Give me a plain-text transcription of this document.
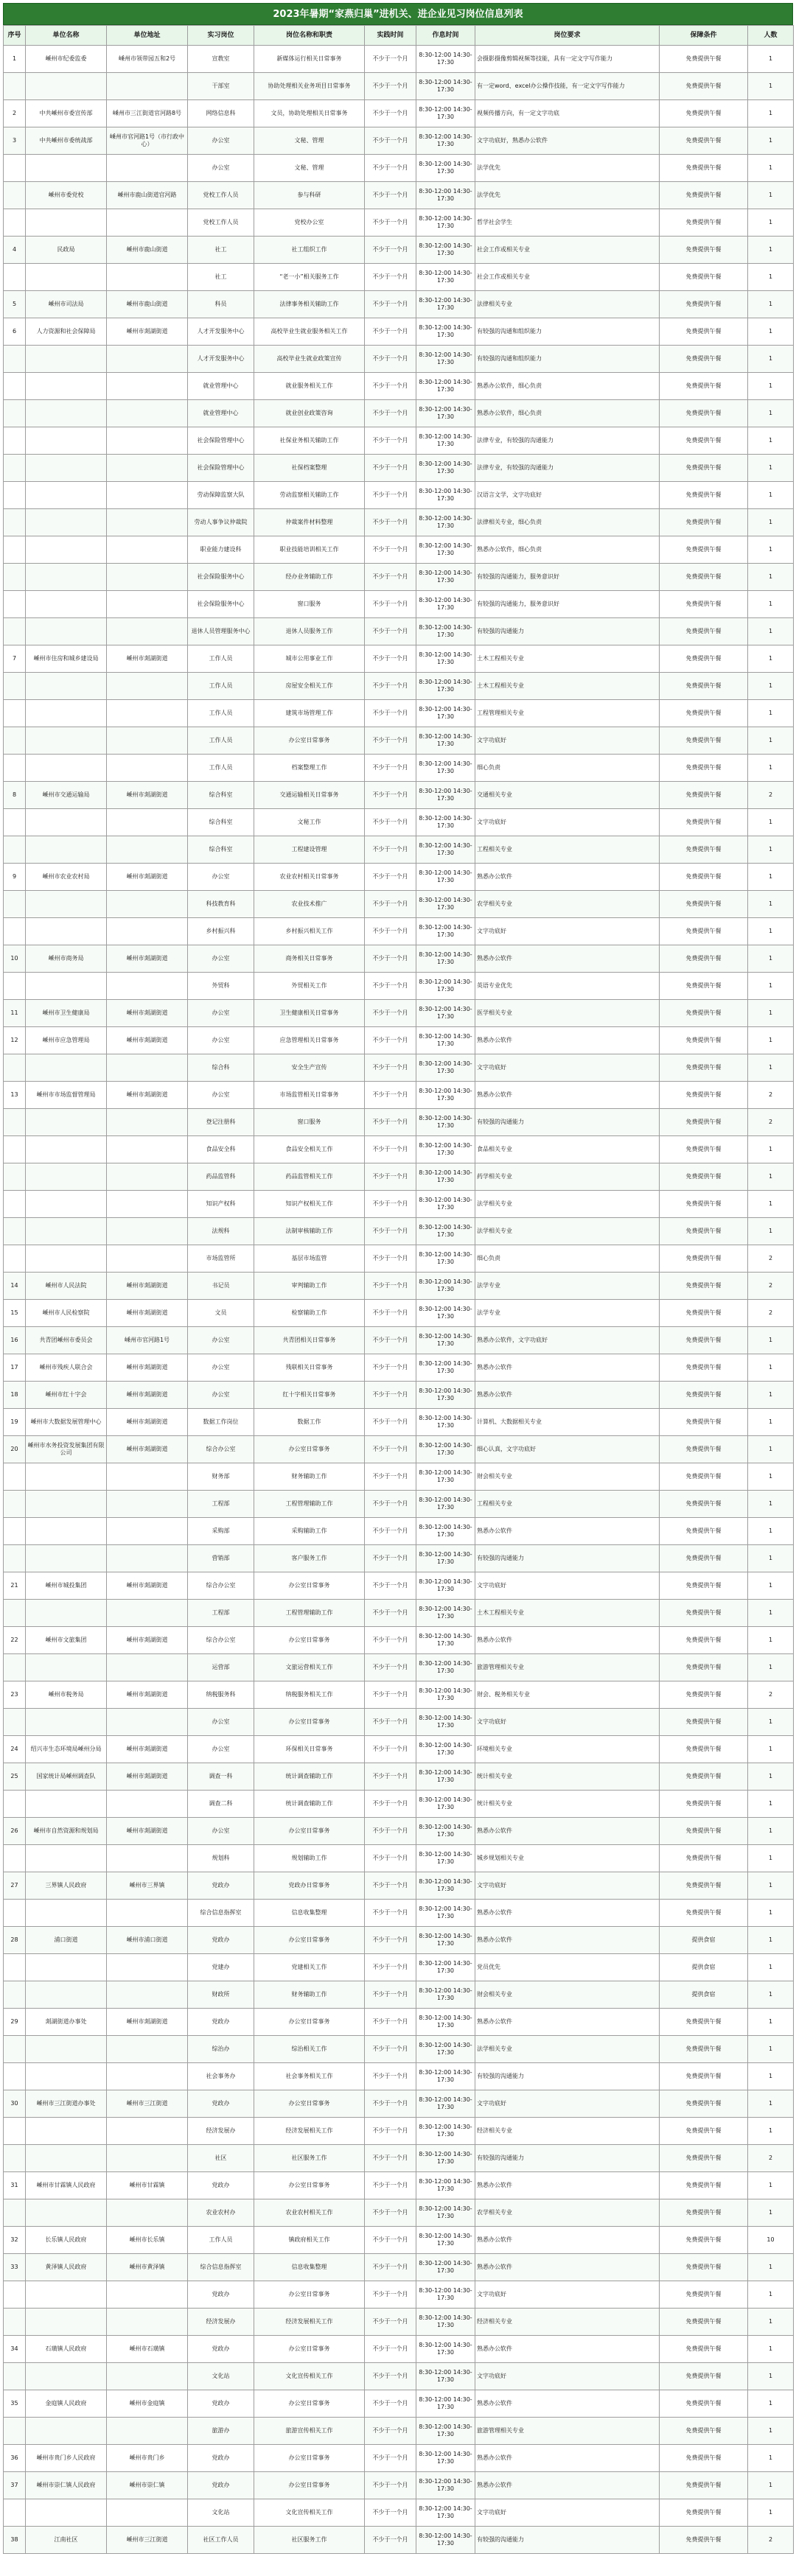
2023年暑期“家燕归巢”进机关、进企业见习岗位信息列表
序号	单位名称	单位地址	实习岗位	岗位名称和职责	实践时间	作息时间	岗位要求	保障条件	人数
1	嵊州市纪委监委	嵊州市领带园五和2号	宣教室	新媒体运行相关日常事务	不少于一个月	8:30-12:00 14:30-17:30	会摄影摄像剪辑视频等技能，具有一定文字写作能力	免费提供午餐	1
			干部室	协助处理相关业务项目日常事务	不少于一个月	8:30-12:00 14:30-17:30	有一定word、excel办公操作技能，有一定文字写作能力	免费提供午餐	1
2	中共嵊州市委宣传部	嵊州市三江街道官河路8号	网络信息科	文员，协助处理相关日常事务	不少于一个月	8:30-12:00 14:30-17:30	视频传播方向，有一定文字功底	免费提供午餐	1
3	中共嵊州市委统战部	嵊州市官河路1号（市行政中心）	办公室	文秘、管理	不少于一个月	8:30-12:00 14:30-17:30	文字功底好，熟悉办公软件	免费提供午餐	1
			办公室	文秘、管理	不少于一个月	8:30-12:00 14:30-17:30	法学优先	免费提供午餐	1
	嵊州市委党校	嵊州市鹿山街道官河路	党校工作人员	参与科研	不少于一个月	8:30-12:00 14:30-17:30	法学优先	免费提供午餐	1
			党校工作人员	党校办公室	不少于一个月	8:30-12:00 14:30-17:30	哲学社会学生	免费提供午餐	1
4	民政局	嵊州市鹿山街道	社工	社工组织工作	不少于一个月	8:30-12:00 14:30-17:30	社会工作或相关专业	免费提供午餐	1
			社工	“老一小”相关服务工作	不少于一个月	8:30-12:00 14:30-17:30	社会工作或相关专业	免费提供午餐	1
5	嵊州市司法局	嵊州市鹿山街道	科员	法律事务相关辅助工作	不少于一个月	8:30-12:00 14:30-17:30	法律相关专业	免费提供午餐	1
6	人力资源和社会保障局	嵊州市剡湖街道	人才开发服务中心	高校毕业生就业服务相关工作	不少于一个月	8:30-12:00 14:30-17:30	有较强的沟通和组织能力	免费提供午餐	1
			人才开发服务中心	高校毕业生就业政策宣传	不少于一个月	8:30-12:00 14:30-17:30	有较强的沟通和组织能力	免费提供午餐	1
			就业管理中心	就业服务相关工作	不少于一个月	8:30-12:00 14:30-17:30	熟悉办公软件，细心负责	免费提供午餐	1
			就业管理中心	就业创业政策咨询	不少于一个月	8:30-12:00 14:30-17:30	熟悉办公软件，细心负责	免费提供午餐	1
			社会保险管理中心	社保业务相关辅助工作	不少于一个月	8:30-12:00 14:30-17:30	法律专业，有较强的沟通能力	免费提供午餐	1
			社会保险管理中心	社保档案整理	不少于一个月	8:30-12:00 14:30-17:30	法律专业，有较强的沟通能力	免费提供午餐	1
			劳动保障监察大队	劳动监察相关辅助工作	不少于一个月	8:30-12:00 14:30-17:30	汉语言文学，文字功底好	免费提供午餐	1
			劳动人事争议仲裁院	仲裁案件材料整理	不少于一个月	8:30-12:00 14:30-17:30	法律相关专业，细心负责	免费提供午餐	1
			职业能力建设科	职业技能培训相关工作	不少于一个月	8:30-12:00 14:30-17:30	熟悉办公软件，细心负责	免费提供午餐	1
			社会保险服务中心	经办业务辅助工作	不少于一个月	8:30-12:00 14:30-17:30	有较强的沟通能力，服务意识好	免费提供午餐	1
			社会保险服务中心	窗口服务	不少于一个月	8:30-12:00 14:30-17:30	有较强的沟通能力，服务意识好	免费提供午餐	1
			退休人员管理服务中心	退休人员服务工作	不少于一个月	8:30-12:00 14:30-17:30	有较强的沟通能力	免费提供午餐	1
7	嵊州市住房和城乡建设局	嵊州市剡湖街道	工作人员	城市公用事业工作	不少于一个月	8:30-12:00 14:30-17:30	土木工程相关专业	免费提供午餐	1
			工作人员	房屋安全相关工作	不少于一个月	8:30-12:00 14:30-17:30	土木工程相关专业	免费提供午餐	1
			工作人员	建筑市场管理工作	不少于一个月	8:30-12:00 14:30-17:30	工程管理相关专业	免费提供午餐	1
			工作人员	办公室日常事务	不少于一个月	8:30-12:00 14:30-17:30	文字功底好	免费提供午餐	1
			工作人员	档案整理工作	不少于一个月	8:30-12:00 14:30-17:30	细心负责	免费提供午餐	1
8	嵊州市交通运输局	嵊州市剡湖街道	综合科室	交通运输相关日常事务	不少于一个月	8:30-12:00 14:30-17:30	交通相关专业	免费提供午餐	2
			综合科室	文秘工作	不少于一个月	8:30-12:00 14:30-17:30	文字功底好	免费提供午餐	1
			综合科室	工程建设管理	不少于一个月	8:30-12:00 14:30-17:30	工程相关专业	免费提供午餐	1
9	嵊州市农业农村局	嵊州市剡湖街道	办公室	农业农村相关日常事务	不少于一个月	8:30-12:00 14:30-17:30	熟悉办公软件	免费提供午餐	1
			科技教育科	农业技术推广	不少于一个月	8:30-12:00 14:30-17:30	农学相关专业	免费提供午餐	1
			乡村振兴科	乡村振兴相关工作	不少于一个月	8:30-12:00 14:30-17:30	文字功底好	免费提供午餐	1
10	嵊州市商务局	嵊州市剡湖街道	办公室	商务相关日常事务	不少于一个月	8:30-12:00 14:30-17:30	熟悉办公软件	免费提供午餐	1
			外贸科	外贸相关工作	不少于一个月	8:30-12:00 14:30-17:30	英语专业优先	免费提供午餐	1
11	嵊州市卫生健康局	嵊州市剡湖街道	办公室	卫生健康相关日常事务	不少于一个月	8:30-12:00 14:30-17:30	医学相关专业	免费提供午餐	1
12	嵊州市应急管理局	嵊州市剡湖街道	办公室	应急管理相关日常事务	不少于一个月	8:30-12:00 14:30-17:30	熟悉办公软件	免费提供午餐	1
			综合科	安全生产宣传	不少于一个月	8:30-12:00 14:30-17:30	文字功底好	免费提供午餐	1
13	嵊州市市场监督管理局	嵊州市剡湖街道	办公室	市场监管相关日常事务	不少于一个月	8:30-12:00 14:30-17:30	熟悉办公软件	免费提供午餐	2
			登记注册科	窗口服务	不少于一个月	8:30-12:00 14:30-17:30	有较强的沟通能力	免费提供午餐	2
			食品安全科	食品安全相关工作	不少于一个月	8:30-12:00 14:30-17:30	食品相关专业	免费提供午餐	1
			药品监管科	药品监管相关工作	不少于一个月	8:30-12:00 14:30-17:30	药学相关专业	免费提供午餐	1
			知识产权科	知识产权相关工作	不少于一个月	8:30-12:00 14:30-17:30	法学相关专业	免费提供午餐	1
			法规科	法制审核辅助工作	不少于一个月	8:30-12:00 14:30-17:30	法学相关专业	免费提供午餐	1
			市场监管所	基层市场监管	不少于一个月	8:30-12:00 14:30-17:30	细心负责	免费提供午餐	2
14	嵊州市人民法院	嵊州市剡湖街道	书记员	审判辅助工作	不少于一个月	8:30-12:00 14:30-17:30	法学专业	免费提供午餐	2
15	嵊州市人民检察院	嵊州市剡湖街道	文员	检察辅助工作	不少于一个月	8:30-12:00 14:30-17:30	法学专业	免费提供午餐	2
16	共青团嵊州市委员会	嵊州市官河路1号	办公室	共青团相关日常事务	不少于一个月	8:30-12:00 14:30-17:30	熟悉办公软件，文字功底好	免费提供午餐	1
17	嵊州市残疾人联合会	嵊州市剡湖街道	办公室	残联相关日常事务	不少于一个月	8:30-12:00 14:30-17:30	熟悉办公软件	免费提供午餐	1
18	嵊州市红十字会	嵊州市剡湖街道	办公室	红十字相关日常事务	不少于一个月	8:30-12:00 14:30-17:30	熟悉办公软件	免费提供午餐	1
19	嵊州市大数据发展管理中心	嵊州市剡湖街道	数据工作岗位	数据工作	不少于一个月	8:30-12:00 14:30-17:30	计算机、大数据相关专业	免费提供午餐	1
20	嵊州市水务投资发展集团有限公司	嵊州市剡湖街道	综合办公室	办公室日常事务	不少于一个月	8:30-12:00 14:30-17:30	细心认真，文字功底好	免费提供午餐	1
			财务部	财务辅助工作	不少于一个月	8:30-12:00 14:30-17:30	财会相关专业	免费提供午餐	1
			工程部	工程管理辅助工作	不少于一个月	8:30-12:00 14:30-17:30	工程相关专业	免费提供午餐	1
			采购部	采购辅助工作	不少于一个月	8:30-12:00 14:30-17:30	熟悉办公软件	免费提供午餐	1
			营销部	客户服务工作	不少于一个月	8:30-12:00 14:30-17:30	有较强的沟通能力	免费提供午餐	1
21	嵊州市城投集团	嵊州市剡湖街道	综合办公室	办公室日常事务	不少于一个月	8:30-12:00 14:30-17:30	文字功底好	免费提供午餐	1
			工程部	工程管理辅助工作	不少于一个月	8:30-12:00 14:30-17:30	土木工程相关专业	免费提供午餐	1
22	嵊州市文旅集团	嵊州市剡湖街道	综合办公室	办公室日常事务	不少于一个月	8:30-12:00 14:30-17:30	熟悉办公软件	免费提供午餐	1
			运营部	文旅运营相关工作	不少于一个月	8:30-12:00 14:30-17:30	旅游管理相关专业	免费提供午餐	1
23	嵊州市税务局	嵊州市剡湖街道	纳税服务科	纳税服务相关工作	不少于一个月	8:30-12:00 14:30-17:30	财会、税务相关专业	免费提供午餐	2
			办公室	办公室日常事务	不少于一个月	8:30-12:00 14:30-17:30	文字功底好	免费提供午餐	1
24	绍兴市生态环境局嵊州分局	嵊州市剡湖街道	办公室	环保相关日常事务	不少于一个月	8:30-12:00 14:30-17:30	环境相关专业	免费提供午餐	1
25	国家统计局嵊州调查队	嵊州市剡湖街道	调查一科	统计调查辅助工作	不少于一个月	8:30-12:00 14:30-17:30	统计相关专业	免费提供午餐	1
			调查二科	统计调查辅助工作	不少于一个月	8:30-12:00 14:30-17:30	统计相关专业	免费提供午餐	1
26	嵊州市自然资源和规划局	嵊州市剡湖街道	办公室	办公室日常事务	不少于一个月	8:30-12:00 14:30-17:30	熟悉办公软件	免费提供午餐	1
			规划科	规划辅助工作	不少于一个月	8:30-12:00 14:30-17:30	城乡规划相关专业	免费提供午餐	1
27	三界镇人民政府	嵊州市三界镇	党政办	党政办日常事务	不少于一个月	8:30-12:00 14:30-17:30	文字功底好	免费提供午餐	1
			综合信息指挥室	信息收集整理	不少于一个月	8:30-12:00 14:30-17:30	熟悉办公软件	免费提供午餐	1
28	浦口街道	嵊州市浦口街道	党政办	办公室日常事务	不少于一个月	8:30-12:00 14:30-17:30	熟悉办公软件	提供食宿	1
			党建办	党建相关工作	不少于一个月	8:30-12:00 14:30-17:30	党员优先	提供食宿	1
			财政所	财务辅助工作	不少于一个月	8:30-12:00 14:30-17:30	财会相关专业	提供食宿	1
29	剡湖街道办事处	嵊州市剡湖街道	党政办	办公室日常事务	不少于一个月	8:30-12:00 14:30-17:30	熟悉办公软件	免费提供午餐	1
			综治办	综治相关工作	不少于一个月	8:30-12:00 14:30-17:30	法学相关专业	免费提供午餐	1
			社会事务办	社会事务相关工作	不少于一个月	8:30-12:00 14:30-17:30	有较强的沟通能力	免费提供午餐	1
30	嵊州市三江街道办事处	嵊州市三江街道	党政办	办公室日常事务	不少于一个月	8:30-12:00 14:30-17:30	文字功底好	免费提供午餐	1
			经济发展办	经济发展相关工作	不少于一个月	8:30-12:00 14:30-17:30	经济相关专业	免费提供午餐	1
			社区	社区服务工作	不少于一个月	8:30-12:00 14:30-17:30	有较强的沟通能力	免费提供午餐	2
31	嵊州市甘霖镇人民政府	嵊州市甘霖镇	党政办	办公室日常事务	不少于一个月	8:30-12:00 14:30-17:30	熟悉办公软件	免费提供午餐	1
			农业农村办	农业农村相关工作	不少于一个月	8:30-12:00 14:30-17:30	农学相关专业	免费提供午餐	1
32	长乐镇人民政府	嵊州市长乐镇	工作人员	镇政府相关工作	不少于一个月	8:30-12:00 14:30-17:30	熟悉办公软件	免费提供午餐	10
33	黄泽镇人民政府	嵊州市黄泽镇	综合信息指挥室	信息收集整理	不少于一个月	8:30-12:00 14:30-17:30	熟悉办公软件	免费提供午餐	1
			党政办	办公室日常事务	不少于一个月	8:30-12:00 14:30-17:30	文字功底好	免费提供午餐	1
			经济发展办	经济发展相关工作	不少于一个月	8:30-12:00 14:30-17:30	经济相关专业	免费提供午餐	1
34	石璜镇人民政府	嵊州市石璜镇	党政办	办公室日常事务	不少于一个月	8:30-12:00 14:30-17:30	熟悉办公软件	免费提供午餐	1
			文化站	文化宣传相关工作	不少于一个月	8:30-12:00 14:30-17:30	文字功底好	免费提供午餐	1
35	金庭镇人民政府	嵊州市金庭镇	党政办	办公室日常事务	不少于一个月	8:30-12:00 14:30-17:30	熟悉办公软件	免费提供午餐	1
			旅游办	旅游宣传相关工作	不少于一个月	8:30-12:00 14:30-17:30	旅游管理相关专业	免费提供午餐	1
36	嵊州市贵门乡人民政府	嵊州市贵门乡	党政办	办公室日常事务	不少于一个月	8:30-12:00 14:30-17:30	熟悉办公软件	免费提供午餐	1
37	嵊州市崇仁镇人民政府	嵊州市崇仁镇	党政办	办公室日常事务	不少于一个月	8:30-12:00 14:30-17:30	熟悉办公软件	免费提供午餐	1
			文化站	文化宣传相关工作	不少于一个月	8:30-12:00 14:30-17:30	文字功底好	免费提供午餐	1
38	江南社区	嵊州市三江街道	社区工作人员	社区服务工作	不少于一个月	8:30-12:00 14:30-17:30	有较强的沟通能力	免费提供午餐	2
